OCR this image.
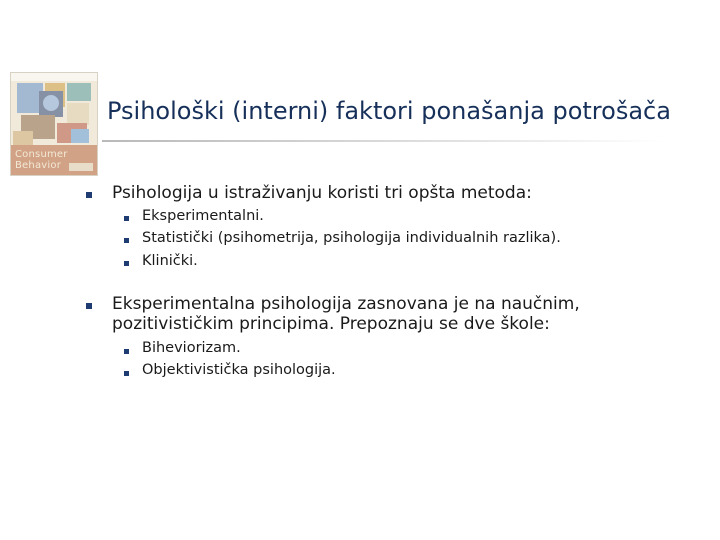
Consumer
Behavior
Psihološki (interni) faktori ponašanja potrošača
Psihologija u istraživanju koristi tri opšta metoda:
Eksperimentalni.
Statistički (psihometrija, psihologija individualnih razlika).
Klinički.
Eksperimentalna psihologija zasnovana je na naučnim,
pozitivističkim principima. Prepoznaju se dve škole:
Biheviorizam.
Objektivistička psihologija.
